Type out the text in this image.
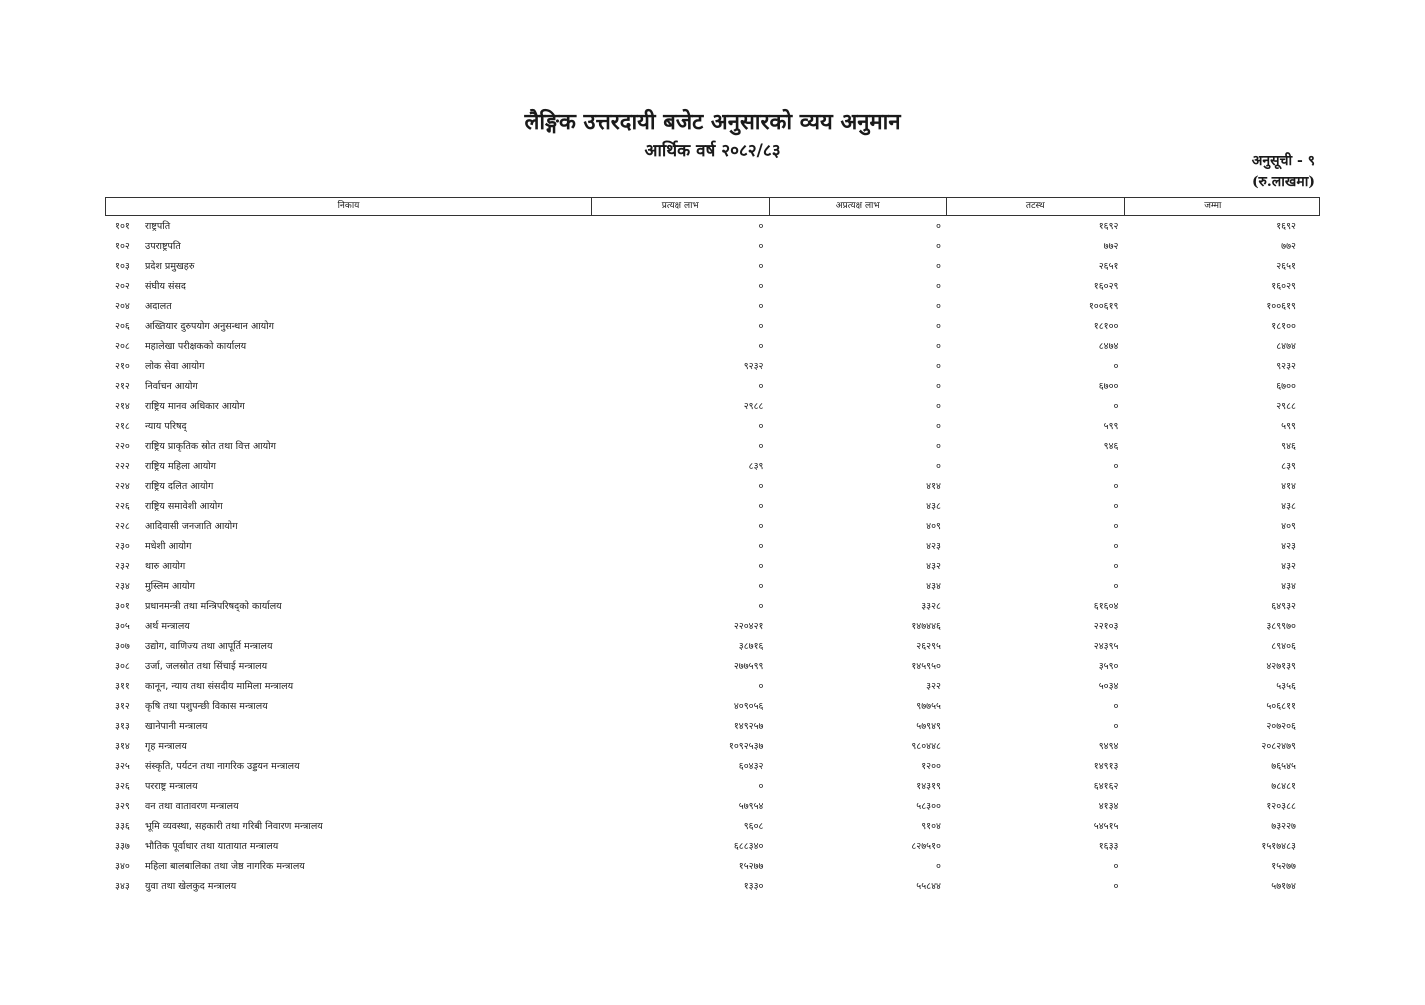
लैङ्गिक उत्तरदायी बजेट अनुसारको व्यय अनुमान
आर्थिक वर्ष २०८२/८३	अनुसूची - ९
(रु.लाखमा)
निकाय	प्रत्यक्ष लाभ	अप्रत्यक्ष लाभ	तटस्थ	जम्मा
१०१	राष्ट्रपति	०	०	१६९२	१६९२
१०२	उपराष्ट्रपति	०	०	७७२	७७२
१०३	प्रदेश प्रमुखहरु	०	०	२६५१	२६५१
२०२	संघीय संसद	०	०	१६०२९	१६०२९
२०४	अदालत	०	०	१००६१९	१००६१९
२०६	अख्तियार दुरुपयोग अनुसन्धान आयोग	०	०	१८१००	१८१००
२०८	महालेखा परीक्षकको कार्यालय	०	०	८४७४	८४७४
२१०	लोक सेवा आयोग	९२३२	०	०	९२३२
२१२	निर्वाचन आयोग	०	०	६७००	६७००
२१४	राष्ट्रिय मानव अधिकार आयोग	२९८८	०	०	२९८८
२१८	न्याय परिषद्	०	०	५९९	५९९
२२०	राष्ट्रिय प्राकृतिक स्रोत तथा वित्त आयोग	०	०	९४६	९४६
२२२	राष्ट्रिय महिला आयोग	८३९	०	०	८३९
२२४	राष्ट्रिय दलित आयोग	०	४१४	०	४१४
२२६	राष्ट्रिय समावेशी आयोग	०	४३८	०	४३८
२२८	आदिवासी जनजाति आयोग	०	४०९	०	४०९
२३०	मधेशी आयोग	०	४२३	०	४२३
२३२	थारु आयोग	०	४३२	०	४३२
२३४	मुस्लिम आयोग	०	४३४	०	४३४
३०१	प्रधानमन्त्री तथा मन्त्रिपरिषद्को कार्यालय	०	३३२८	६१६०४	६४९३२
३०५	अर्थ मन्त्रालय	२२०४२१	१४७४४६	२२१०३	३८९९७०
३०७	उद्योग, वाणिज्य तथा आपूर्ति मन्त्रालय	३८७१६	२६२९५	२४३९५	८९४०६
३०८	उर्जा, जलस्रोत तथा सिंचाई मन्त्रालय	२७७५९९	१४५९५०	३५९०	४२७१३९
३११	कानून, न्याय तथा संसदीय मामिला मन्त्रालय	०	३२२	५०३४	५३५६
३१२	कृषि तथा पशुपन्छी विकास मन्त्रालय	४०९०५६	९७७५५	०	५०६८११
३१३	खानेपानी मन्त्रालय	१४९२५७	५७९४९	०	२०७२०६
३१४	गृह मन्त्रालय	१०९२५३७	९८०४४८	९४९४	२०८२४७९
३२५	संस्कृति, पर्यटन तथा नागरिक उड्डयन मन्त्रालय	६०४३२	१२००	१४९१३	७६५४५
३२६	परराष्ट्र मन्त्रालय	०	१४३१९	६४१६२	७८४८१
३२९	वन तथा वातावरण मन्त्रालय	५७९५४	५८३००	४१३४	१२०३८८
३३६	भूमि व्यवस्था, सहकारी तथा गरिबी निवारण मन्त्रालय	९६०८	९१०४	५४५१५	७३२२७
३३७	भौतिक पूर्वाधार तथा यातायात मन्त्रालय	६८८३४०	८२७५१०	१६३३	१५१७४८३
३४०	महिला बालबालिका तथा जेष्ठ नागरिक मन्त्रालय	१५२७७	०	०	१५२७७
३४३	युवा तथा खेलकुद मन्त्रालय	१३३०	५५८४४	०	५७१७४
